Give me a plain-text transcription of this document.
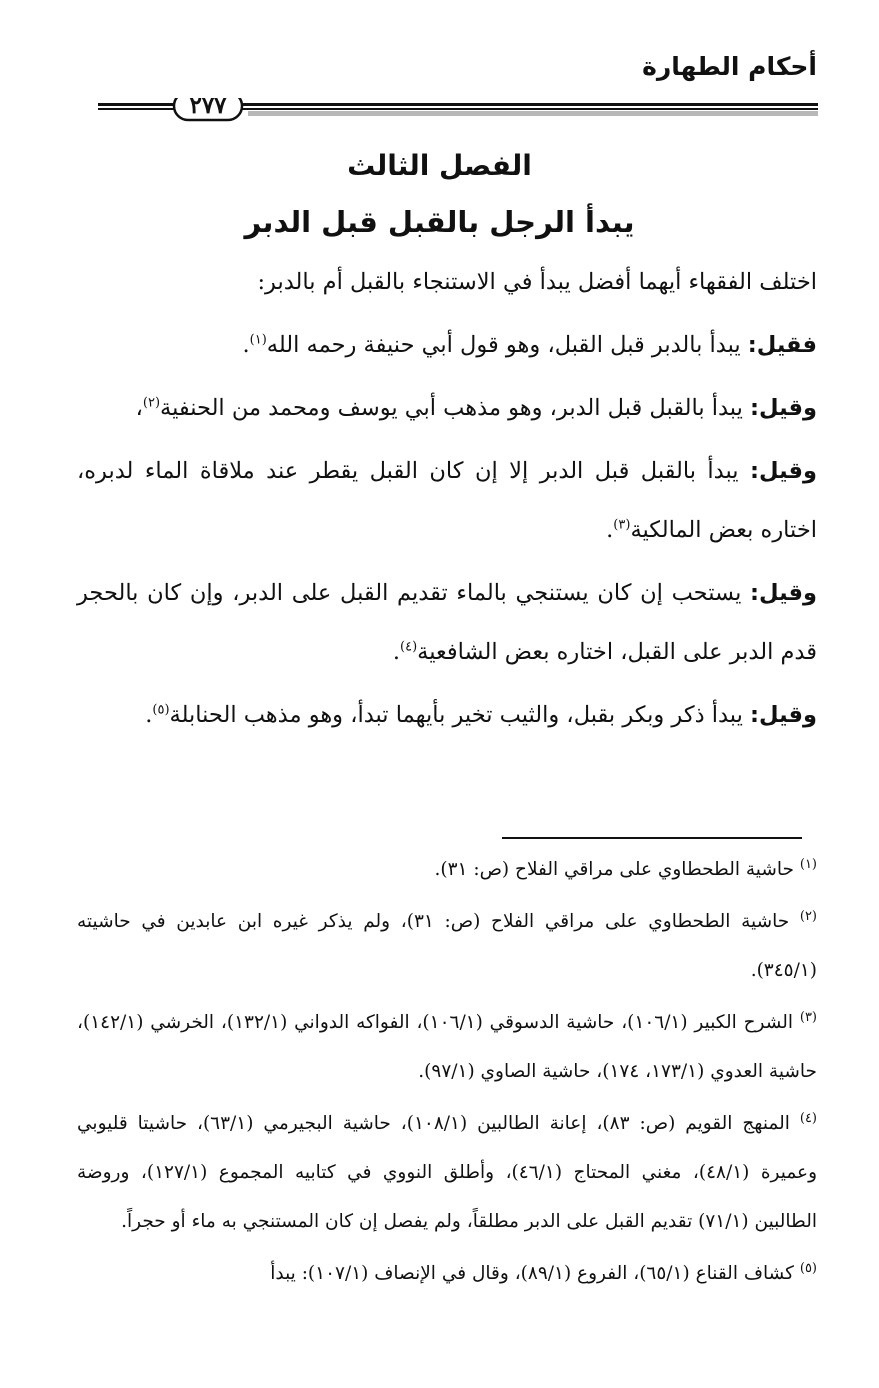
أحكام الطهارة
٢٧٧
الفصل الثالث
يبدأ الرجل بالقبل قبل الدبر

اختلف الفقهاء أيهما أفضل يبدأ في الاستنجاء بالقبل أم بالدبر:

فقيل: يبدأ بالدبر قبل القبل، وهو قول أبي حنيفة رحمه الله$^{(١)}$.

وقيل: يبدأ بالقبل قبل الدبر، وهو مذهب أبي يوسف ومحمد من الحنفية$^{(٢)}$،

وقيل: يبدأ بالقبل قبل الدبر إلا إن كان القبل يقطر عند ملاقاة الماء لدبره، اختاره بعض المالكية$^{(٣)}$.

وقيل: يستحب إن كان يستنجي بالماء تقديم القبل على الدبر، وإن كان بالحجر قدم الدبر على القبل، اختاره بعض الشافعية$^{(٤)}$.

وقيل: يبدأ ذكر وبكر بقبل، والثيب تخير بأيهما تبدأ، وهو مذهب الحنابلة$^{(٥)}$.

$^{(١)}$ حاشية الطحطاوي على مراقي الفلاح (ص: ٣١).

$^{(٢)}$ حاشية الطحطاوي على مراقي الفلاح (ص: ٣١)، ولم يذكر غيره ابن عابدين في حاشيته (٣٤٥/١).

$^{(٣)}$ الشرح الكبير (١٠٦/١)، حاشية الدسوقي (١٠٦/١)، الفواكه الدواني (١٣٢/١)، الخرشي (١٤٢/١)، حاشية العدوي (١٧٣/١، ١٧٤)، حاشية الصاوي (٩٧/١).

$^{(٤)}$ المنهج القويم (ص: ٨٣)، إعانة الطالبين (١٠٨/١)، حاشية البجيرمي (٦٣/١)، حاشيتا قليوبي وعميرة (٤٨/١)، مغني المحتاج (٤٦/١)، وأطلق النووي في كتابيه المجموع (١٢٧/١)، وروضة الطالبين (٧١/١) تقديم القبل على الدبر مطلقاً، ولم يفصل إن كان المستنجي به ماء أو حجراً.

$^{(٥)}$ كشاف القناع (٦٥/١)، الفروع (٨٩/١)، وقال في الإنصاف (١٠٧/١): يبدأ
